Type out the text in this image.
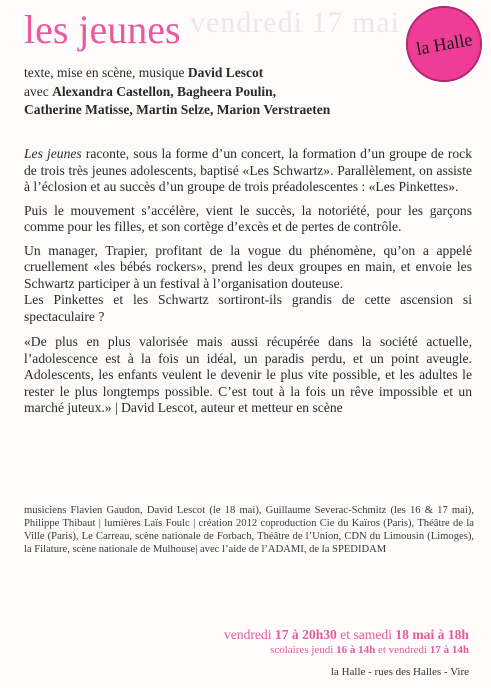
vendredi 17 mai
les jeunes	la Halle
texte, mise en scène, musique David Lescot
avec Alexandra Castellon, Bagheera Poulin,
Catherine Matisse, Martin Selze, Marion Verstraeten

Les jeunes raconte, sous la forme d’un concert, la formation d’un groupe de rock de trois très jeunes adolescents, baptisé «Les Schwartz». Parallèlement, on assiste à l’éclosion et au succès d’un groupe de trois préadolescentes : «Les Pinkettes».

Puis le mouvement s’accélère, vient le succès, la notoriété, pour les garçons comme pour les filles, et son cortège d’excès et de pertes de contrôle.

Un manager, Trapier, profitant de la vogue du phénomène, qu’on a appelé cruellement «les bébés rockers», prend les deux groupes en main, et envoie les Schwartz participer à un festival à l’organisation douteuse.

Les Pinkettes et les Schwartz sortiront-ils grandis de cette ascension si spectaculaire ?

«De plus en plus valorisée mais aussi récupérée dans la société actuelle, l’adolescence est à la fois un idéal, un paradis perdu, et un point aveugle. Adolescents, les enfants veulent le devenir le plus vite possible, et les adultes le rester le plus longtemps possible. C’est tout à la fois un rêve impossible et un marché juteux.» | David Lescot, auteur et metteur en scène

musiciens Flavien Gaudon, David Lescot (le 18 mai), Guillaume Severac-Schmitz (les 16 & 17 mai), Philippe Thibaut | lumières Laïs Foulc | création 2012 coproduction Cie du Kaïros (Paris), Théâtre de la Ville (Paris), Le Carreau, scène nationale de Forbach, Théâtre de l’Union, CDN du Limousin (Limoges), la Filature, scène nationale de Mulhouse| avec l’aide de l’ADAMI, de la SPEDIDAM
vendredi 17 à 20h30 et samedi 18 mai à 18h
scolaires jeudi 16 à 14h et vendredi 17 à 14h
la Halle - rues des Halles - Vire
